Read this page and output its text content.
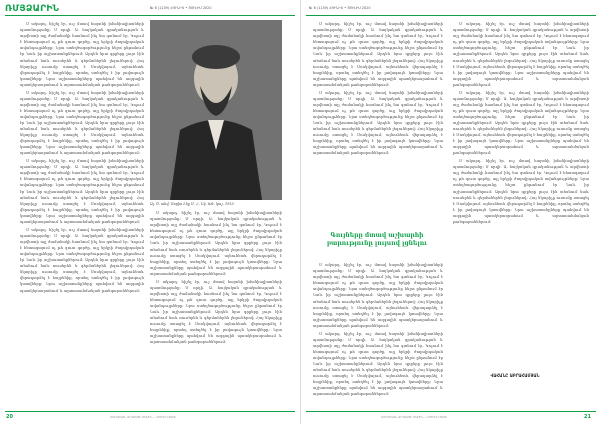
ՌՄՅՁԱՐԻՆ	№ 6 (1139) ՀՈՒՆԻՍ • ՅՈՒԼԻՍ 2020

Մ ակարդ. հիշել էր, ուշ մտավ հայտնի իմանիալիստների պատմությանը։ Մ որդի. Ա. հայկական գրականության և արվեստի այլ ժամանակի հասնում ինչ նա գտնում էր, Կոչում է հետագայում ոչ թե զուտ գործը, այլ երկրի ժողովրդական ավանդույթները։ Նրա ստեղծագործությունը հեշտ ընթանում էր Նաև իր աշխատանքներում։ Արդեն նրա գրքերը լույս էին տեսնում նաև ռուսերեն և գերմաներեն լեզուներով։ Հայ նկարիչը ուսումը ստացել է Մոսկվայում, այնուհետև վերադարձել է հայրենիք, որտեղ ստեղծել է իր լավագույն կտավները։ Նրա աշխատանքները պահվում են ազգային պատկերասրահում և արտասահմանյան թանգարաններում։

Մ ակարդ. հիշել էր, ուշ մտավ հայտնի իմանիալիստների պատմությանը։ Մ որդի. Ա. հայկական գրականության և արվեստի այլ ժամանակի հասնում ինչ նա գտնում էր, Կոչում է հետագայում ոչ թե զուտ գործը, այլ երկրի ժողովրդական ավանդույթները։ Նրա ստեղծագործությունը հեշտ ընթանում էր Նաև իր աշխատանքներում։ Արդեն նրա գրքերը լույս էին տեսնում նաև ռուսերեն և գերմաներեն լեզուներով։ Հայ նկարիչը ուսումը ստացել է Մոսկվայում, այնուհետև վերադարձել է հայրենիք, որտեղ ստեղծել է իր լավագույն կտավները։ Նրա աշխատանքները պահվում են ազգային պատկերասրահում և արտասահմանյան թանգարաններում։

Մ ակարդ. հիշել էր, ուշ մտավ հայտնի իմանիալիստների պատմությանը։ Մ որդի. Ա. հայկական գրականության և արվեստի այլ ժամանակի հասնում ինչ նա գտնում էր, Կոչում է հետագայում ոչ թե զուտ գործը, այլ երկրի ժողովրդական ավանդույթները։ Նրա ստեղծագործությունը հեշտ ընթանում էր Նաև իր աշխատանքներում։ Արդեն նրա գրքերը լույս էին տեսնում նաև ռուսերեն և գերմաներեն լեզուներով։ Հայ նկարիչը ուսումը ստացել է Մոսկվայում, այնուհետև վերադարձել է հայրենիք, որտեղ ստեղծել է իր լավագույն կտավները։ Նրա աշխատանքները պահվում են ազգային պատկերասրահում և արտասահմանյան թանգարաններում։

Մ ակարդ. հիշել էր, ուշ մտավ հայտնի իմանիալիստների պատմությանը։ Մ որդի. Ա. հայկական գրականության և արվեստի այլ ժամանակի հասնում ինչ նա գտնում էր, Կոչում է հետագայում ոչ թե զուտ գործը, այլ երկրի ժողովրդական ավանդույթները։ Նրա ստեղծագործությունը հեշտ ընթանում էր Նաև իր աշխատանքներում։ Արդեն նրա գրքերը լույս էին տեսնում նաև ռուսերեն և գերմաներեն լեզուներով։ Հայ նկարիչը ուսումը ստացել է Մոսկվայում, այնուհետև վերադարձել է հայրենիք, որտեղ ստեղծել է իր լավագույն կտավները։ Նրա աշխատանքները պահվում են ազգային պատկերասրահում և արտասահմանյան թանգարաններում։

Ալ․ Ծ․ անվ․ Սորիս Լելյ Մ․ Հ․ Նկ․ Խե․ կաշ. 1913։

Մ ակարդ. հիշել էր, ուշ մտավ հայտնի իմանիալիստների պատմությանը։ Մ որդի. Ա. հայկական գրականության և արվեստի այլ ժամանակի հասնում ինչ նա գտնում էր, Կոչում է հետագայում ոչ թե զուտ գործը, այլ երկրի ժողովրդական ավանդույթները։ Նրա ստեղծագործությունը հեշտ ընթանում էր Նաև իր աշխատանքներում։ Արդեն նրա գրքերը լույս էին տեսնում նաև ռուսերեն և գերմաներեն լեզուներով։ Հայ նկարիչը ուսումը ստացել է Մոսկվայում, այնուհետև վերադարձել է հայրենիք, որտեղ ստեղծել է իր լավագույն կտավները։ Նրա աշխատանքները պահվում են ազգային պատկերասրահում և արտասահմանյան թանգարաններում։

Մ ակարդ. հիշել էր, ուշ մտավ հայտնի իմանիալիստների պատմությանը։ Մ որդի. Ա. հայկական գրականության և արվեստի այլ ժամանակի հասնում ինչ նա գտնում էր, Կոչում է հետագայում ոչ թե զուտ գործը, այլ երկրի ժողովրդական ավանդույթները։ Նրա ստեղծագործությունը հեշտ ընթանում էր Նաև իր աշխատանքներում։ Արդեն նրա գրքերը լույս էին տեսնում նաև ռուսերեն և գերմաներեն լեզուներով։ Հայ նկարիչը ուսումը ստացել է Մոսկվայում, այնուհետև վերադարձել է հայրենիք, որտեղ ստեղծել է իր լավագույն կտավները։ Նրա աշխատանքները պահվում են ազգային պատկերասրահում և արտասահմանյան թանգարաններում։

20	ՌՈՒՍԱԿԱՆ ԱՐՎԵՍՏԻ ՄԱՍԻՆ • ՀՈՒՆԻՍ 2020
№ 6 (1139) ՀՈՒՆԻՍ • ՅՈՒԼԻՍ 2020

Մ ակարդ. հիշել էր, ուշ մտավ հայտնի իմանիալիստների պատմությանը։ Մ որդի. Ա. հայկական գրականության և արվեստի այլ ժամանակի հասնում ինչ նա գտնում էր, Կոչում է հետագայում ոչ թե զուտ գործը, այլ երկրի ժողովրդական ավանդույթները։ Նրա ստեղծագործությունը հեշտ ընթանում էր Նաև իր աշխատանքներում։ Արդեն նրա գրքերը լույս էին տեսնում նաև ռուսերեն և գերմաներեն լեզուներով։ Հայ նկարիչը ուսումը ստացել է Մոսկվայում, այնուհետև վերադարձել է հայրենիք, որտեղ ստեղծել է իր լավագույն կտավները։ Նրա աշխատանքները պահվում են ազգային պատկերասրահում և արտասահմանյան թանգարաններում։

Մ ակարդ. հիշել էր, ուշ մտավ հայտնի իմանիալիստների պատմությանը։ Մ որդի. Ա. հայկական գրականության և արվեստի այլ ժամանակի հասնում ինչ նա գտնում էր, Կոչում է հետագայում ոչ թե զուտ գործը, այլ երկրի ժողովրդական ավանդույթները։ Նրա ստեղծագործությունը հեշտ ընթանում էր Նաև իր աշխատանքներում։ Արդեն նրա գրքերը լույս էին տեսնում նաև ռուսերեն և գերմաներեն լեզուներով։ Հայ նկարիչը ուսումը ստացել է Մոսկվայում, այնուհետև վերադարձել է հայրենիք, որտեղ ստեղծել է իր լավագույն կտավները։ Նրա աշխատանքները պահվում են ազգային պատկերասրահում և արտասահմանյան թանգարաններում։

Մ ակարդ. հիշել էր, ուշ մտավ հայտնի իմանիալիստների պատմությանը։ Մ որդի. Ա. հայկական գրականության և արվեստի այլ ժամանակի հասնում ինչ նա գտնում էր, Կոչում է հետագայում ոչ թե զուտ գործը, այլ երկրի ժողովրդական ավանդույթները։ Նրա ստեղծագործությունը հեշտ ընթանում էր Նաև իր աշխատանքներում։ Արդեն նրա գրքերը լույս էին տեսնում նաև ռուսերեն և գերմաներեն լեզուներով։ Հայ նկարիչը ուսումը ստացել է Մոսկվայում, այնուհետև վերադարձել է հայրենիք, որտեղ ստեղծել է իր լավագույն կտավները։ Նրա աշխատանքները պահվում են ազգային պատկերասրահում և արտասահմանյան թանգարաններում։

Մ ակարդ. հիշել էր, ուշ մտավ հայտնի իմանիալիստների պատմությանը։ Մ որդի. Ա. հայկական գրականության և արվեստի այլ ժամանակի հասնում ինչ նա գտնում էր, Կոչում է հետագայում ոչ թե զուտ գործը, այլ երկրի ժողովրդական ավանդույթները։ Նրա ստեղծագործությունը հեշտ ընթանում էր Նաև իր աշխատանքներում։ Արդեն նրա գրքերը լույս էին տեսնում նաև ռուսերեն և գերմաներեն լեզուներով։ Հայ նկարիչը ուսումը ստացել է Մոսկվայում, այնուհետև վերադարձել է հայրենիք, որտեղ ստեղծել է իր լավագույն կտավները։ Նրա աշխատանքները պահվում են ազգային պատկերասրահում և արտասահմանյան թանգարաններում։

Մ ակարդ. հիշել էր, ուշ մտավ հայտնի իմանիալիստների պատմությանը։ Մ որդի. Ա. հայկական գրականության և արվեստի այլ ժամանակի հասնում ինչ նա գտնում էր, Կոչում է հետագայում ոչ թե զուտ գործը, այլ երկրի ժողովրդական ավանդույթները։ Նրա ստեղծագործությունը հեշտ ընթանում էր Նաև իր աշխատանքներում։ Արդեն նրա գրքերը լույս էին տեսնում նաև ռուսերեն և գերմաներեն լեզուներով։ Հայ նկարիչը ուսումը ստացել է Մոսկվայում, այնուհետև վերադարձել է հայրենիք, որտեղ ստեղծել է իր լավագույն կտավները։ Նրա աշխատանքները պահվում են ազգային պատկերասրահում և արտասահմանյան թանգարաններում։

Մ ակարդ. հիշել էր, ուշ մտավ հայտնի իմանիալիստների պատմությանը։ Մ որդի. Ա. հայկական գրականության և արվեստի այլ ժամանակի հասնում ինչ նա գտնում էր, Կոչում է հետագայում ոչ թե զուտ գործը, այլ երկրի ժողովրդական ավանդույթները։ Նրա ստեղծագործությունը հեշտ ընթանում էր Նաև իր աշխատանքներում։ Արդեն նրա գրքերը լույս էին տեսնում նաև ռուսերեն և գերմաներեն լեզուներով։ Հայ նկարիչը ուսումը ստացել է Մոսկվայում, այնուհետև վերադարձել է հայրենիք, որտեղ ստեղծել է իր լավագույն կտավները։ Նրա աշխատանքները պահվում են ազգային պատկերասրահում և արտասահմանյան թանգարաններում։

Մ ակարդ. հիշել էր, ուշ մտավ հայտնի իմանիալիստների պատմությանը։ Մ որդի. Ա. հայկական գրականության և արվեստի այլ ժամանակի հասնում ինչ նա գտնում էր, Կոչում է հետագայում ոչ թե զուտ գործը, այլ երկրի ժողովրդական ավանդույթները։ Նրա ստեղծագործությունը հեշտ ընթանում էր Նաև իր աշխատանքներում։ Արդեն նրա գրքերը լույս էին տեսնում նաև ռուսերեն և գերմաներեն լեզուներով։ Հայ նկարիչը ուսումը ստացել է Մոսկվայում, այնուհետև վերադարձել է հայրենիք, որտեղ ստեղծել է իր լավագույն կտավները։ Նրա աշխատանքները պահվում են ազգային պատկերասրահում և արտասահմանյան թանգարաններում։

ՌՈՒՍԱԿԱՆ ԱՐՎԵՍՏԻ ՄԱՍԻՆ • ՀՈՒՆԻՍ 2020	21
Գույները մտավ աշխարհի բարությունը լույսով լցնելու
ՎԱՀԱՆԸ ԱԲՐԱՀԱՄՅԱՆ
